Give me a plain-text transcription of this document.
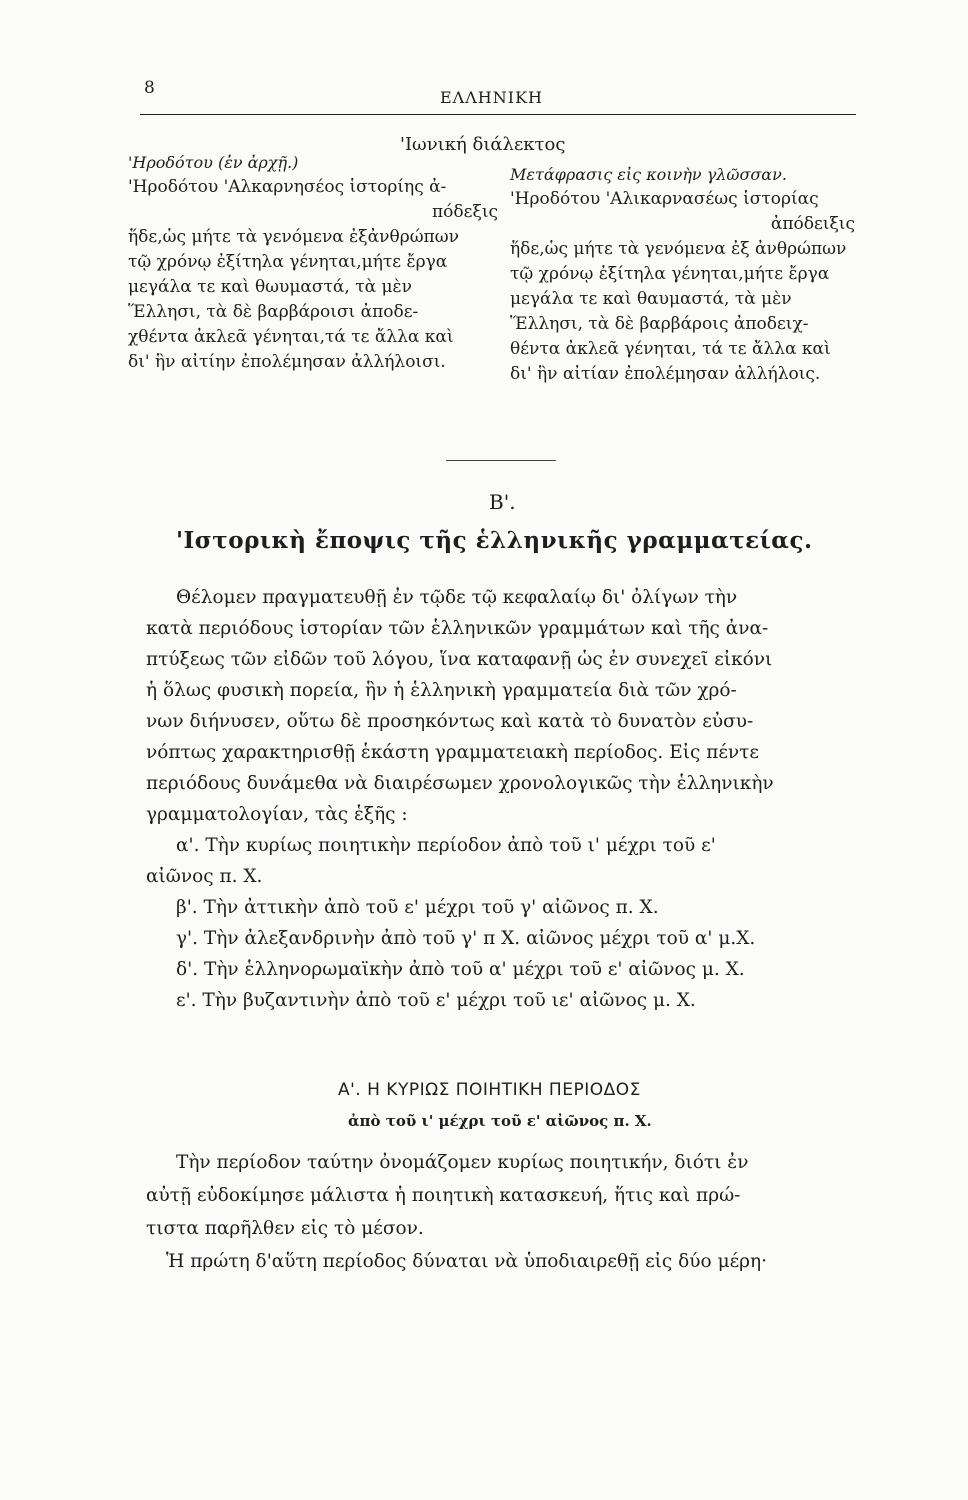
8	ΕΛΛΗΝΙΚΗ
'Ιωνική διάλεκτος
'Ηροδότου (ἐν ἀρχῇ.)
'Ηροδότου 'Αλκαρνησέος ἱστορίης ἀ-
πόδεξις
ἥδε,ὡς μήτε τὰ γενόμενα ἐξἀνθρώπων
τῷ χρόνῳ ἐξίτηλα γένηται,μήτε ἔργα
μεγάλα τε καὶ θωυμαστά, τὰ μὲν
Ἕλλησι, τὰ δὲ βαρβάροισι ἀποδε-
χθέντα ἀκλεᾶ γένηται,τά τε ἄλλα καὶ
δι' ἣν αἰτίην ἐπολέμησαν ἀλλήλοισι.
Μετάφρασις εἰς κοινὴν γλῶσσαν.
'Ηροδότου 'Αλικαρνασέως ἱστορίας
ἀπόδειξις
ἥδε,ὡς μήτε τὰ γενόμενα ἐξ ἀνθρώπων
τῷ χρόνῳ ἐξίτηλα γένηται,μήτε ἔργα
μεγάλα τε καὶ θαυμαστά, τὰ μὲν
Ἕλλησι, τὰ δὲ βαρβάροις ἀποδειχ-
θέντα ἀκλεᾶ γένηται, τά τε ἄλλα καὶ
δι' ἣν αἰτίαν ἐπολέμησαν ἀλλήλοις.
Β'.
'Ιστορικὴ ἔποψις τῆς ἑλληνικῆς γραμματείας.
Θέλομεν πραγματευθῇ ἐν τῷδε τῷ κεφαλαίῳ δι' ὀλίγων τὴν
κατὰ περιόδους ἱστορίαν τῶν ἑλληνικῶν γραμμάτων καὶ τῆς ἀνα-
πτύξεως τῶν εἰδῶν τοῦ λόγου, ἵνα καταφανῇ ὡς ἐν συνεχεῖ εἰκόνι
ἡ ὅλως φυσικὴ πορεία, ἣν ἡ ἑλληνικὴ γραμματεία διὰ τῶν χρό-
νων διήνυσεν, οὕτω δὲ προσηκόντως καὶ κατὰ τὸ δυνατὸν εὐσυ-
νόπτως χαρακτηρισθῇ ἑκάστη γραμματειακὴ περίοδος. Εἰς πέντε
περιόδους δυνάμεθα νὰ διαιρέσωμεν χρονολογικῶς τὴν ἑλληνικὴν
γραμματολογίαν, τὰς ἑξῆς :
α'. Τὴν κυρίως ποιητικὴν περίοδον ἀπὸ τοῦ ι' μέχρι τοῦ ε'
αἰῶνος π. Χ.
β'. Τὴν ἀττικὴν ἀπὸ τοῦ ε' μέχρι τοῦ γ' αἰῶνος π. Χ.
γ'. Τὴν ἀλεξανδρινὴν ἀπὸ τοῦ γ' π Χ. αἰῶνος μέχρι τοῦ α' μ.Χ.
δ'. Τὴν ἑλληνορωμαϊκὴν ἀπὸ τοῦ α' μέχρι τοῦ ε' αἰῶνος μ. Χ.
ε'. Τὴν βυζαντινὴν ἀπὸ τοῦ ε' μέχρι τοῦ ιε' αἰῶνος μ. Χ.
Α'. Η ΚΥΡΙΩΣ ΠΟΙΗΤΙΚΗ ΠΕΡΙΟΔΟΣ
ἀπὸ τοῦ ι' μέχρι τοῦ ε' αἰῶνος π. Χ.
Τὴν περίοδον ταύτην ὀνομάζομεν κυρίως ποιητικήν, διότι ἐν
αὐτῇ εὐδοκίμησε μάλιστα ἡ ποιητικὴ κατασκευή, ἥτις καὶ πρώ-
τιστα παρῆλθεν εἰς τὸ μέσον.
Ἡ πρώτη δ'αὕτη περίοδος δύναται νὰ ὑποδιαιρεθῇ εἰς δύο μέρη·
